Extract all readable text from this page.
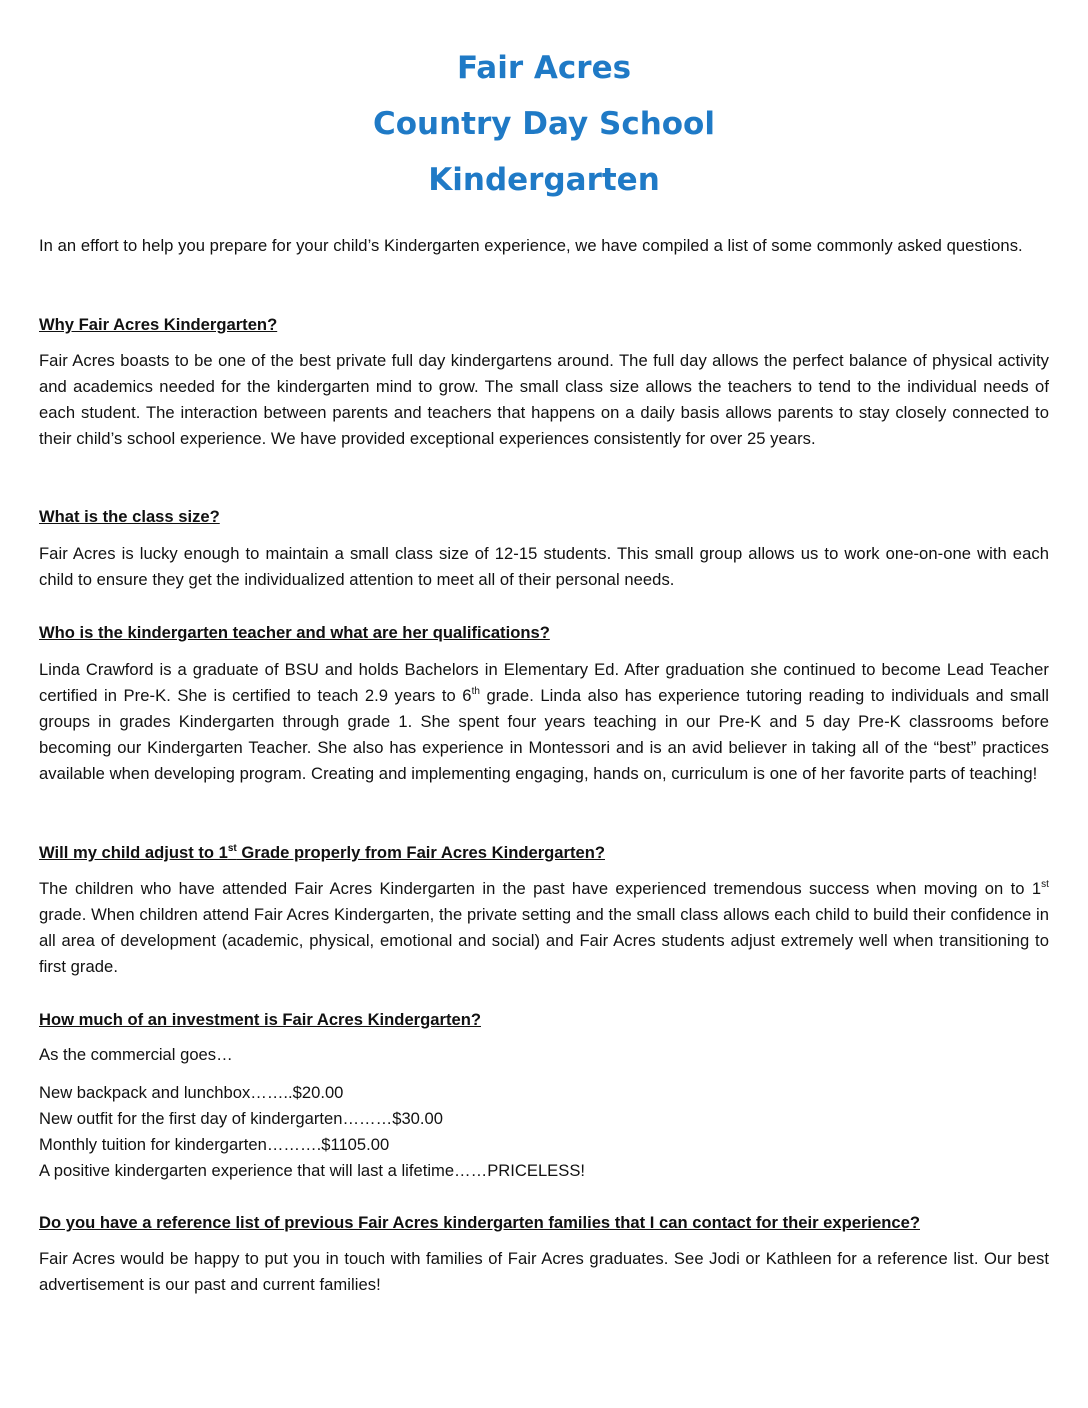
Fair Acres
Country Day School
Kindergarten

In an effort to help you prepare for your child’s Kindergarten experience, we have compiled a list of some commonly asked questions.

Why Fair Acres Kindergarten?

Fair Acres boasts to be one of the best private full day kindergartens around. The full day allows the perfect balance of physical activity and academics needed for the kindergarten mind to grow. The small class size allows the teachers to tend to the individual needs of each student. The interaction between parents and teachers that happens on a daily basis allows parents to stay closely connected to their child’s school experience. We have provided exceptional experiences consistently for over 25 years.

What is the class size?

Fair Acres is lucky enough to maintain a small class size of 12-15 students. This small group allows us to work one-on-one with each child to ensure they get the individualized attention to meet all of their personal needs.

Who is the kindergarten teacher and what are her qualifications?

Linda Crawford is a graduate of BSU and holds Bachelors in Elementary Ed. After graduation she continued to become Lead Teacher certified in Pre-K. She is certified to teach 2.9 years to 6th grade. Linda also has experience tutoring reading to individuals and small groups in grades Kindergarten through grade 1. She spent four years teaching in our Pre-K and 5 day Pre-K classrooms before becoming our Kindergarten Teacher. She also has experience in Montessori and is an avid believer in taking all of the “best” practices available when developing program. Creating and implementing engaging, hands on, curriculum is one of her favorite parts of teaching!

Will my child adjust to 1st Grade properly from Fair Acres Kindergarten?

The children who have attended Fair Acres Kindergarten in the past have experienced tremendous success when moving on to 1st grade. When children attend Fair Acres Kindergarten, the private setting and the small class allows each child to build their confidence in all area of development (academic, physical, emotional and social) and Fair Acres students adjust extremely well when transitioning to first grade.

How much of an investment is Fair Acres Kindergarten?

As the commercial goes…

New backpack and lunchbox……..$20.00

New outfit for the first day of kindergarten………$30.00

Monthly tuition for kindergarten……….$1105.00

A positive kindergarten experience that will last a lifetime……PRICELESS!

Do you have a reference list of previous Fair Acres kindergarten families that I can contact for their experience?

Fair Acres would be happy to put you in touch with families of Fair Acres graduates. See Jodi or Kathleen for a reference list. Our best advertisement is our past and current families!
